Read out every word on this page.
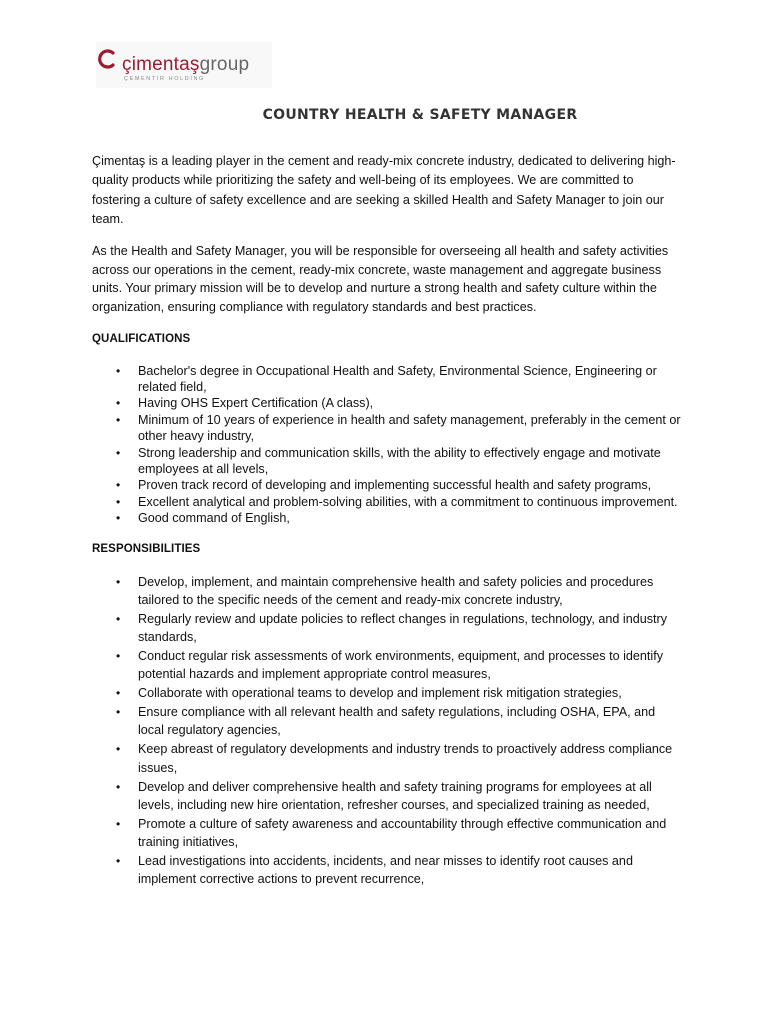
çimentaşgroup
ÇEMENTİR HOLDİNG
COUNTRY HEALTH & SAFETY MANAGER

Çimentaş is a leading player in the cement and ready-mix concrete industry, dedicated to delivering high-quality products while prioritizing the safety and well-being of its employees. We are committed to fostering a culture of safety excellence and are seeking a skilled Health and Safety Manager to join our team.

As the Health and Safety Manager, you will be responsible for overseeing all health and safety activities across our operations in the cement, ready-mix concrete, waste management and aggregate business units. Your primary mission will be to develop and nurture a strong health and safety culture within the organization, ensuring compliance with regulatory standards and best practices.

QUALIFICATIONS
• Bachelor's degree in Occupational Health and Safety, Environmental Science, Engineering or related field,
• Having OHS Expert Certification (A class),
• Minimum of 10 years of experience in health and safety management, preferably in the cement or other heavy industry,
• Strong leadership and communication skills, with the ability to effectively engage and motivate employees at all levels,
• Proven track record of developing and implementing successful health and safety programs,
• Excellent analytical and problem-solving abilities, with a commitment to continuous improvement.
• Good command of English,
RESPONSIBILITIES
• Develop, implement, and maintain comprehensive health and safety policies and procedures tailored to the specific needs of the cement and ready-mix concrete industry,
• Regularly review and update policies to reflect changes in regulations, technology, and industry standards,
• Conduct regular risk assessments of work environments, equipment, and processes to identify potential hazards and implement appropriate control measures,
• Collaborate with operational teams to develop and implement risk mitigation strategies,
• Ensure compliance with all relevant health and safety regulations, including OSHA, EPA, and local regulatory agencies,
• Keep abreast of regulatory developments and industry trends to proactively address compliance issues,
• Develop and deliver comprehensive health and safety training programs for employees at all levels, including new hire orientation, refresher courses, and specialized training as needed,
• Promote a culture of safety awareness and accountability through effective communication and training initiatives,
• Lead investigations into accidents, incidents, and near misses to identify root causes and implement corrective actions to prevent recurrence,
